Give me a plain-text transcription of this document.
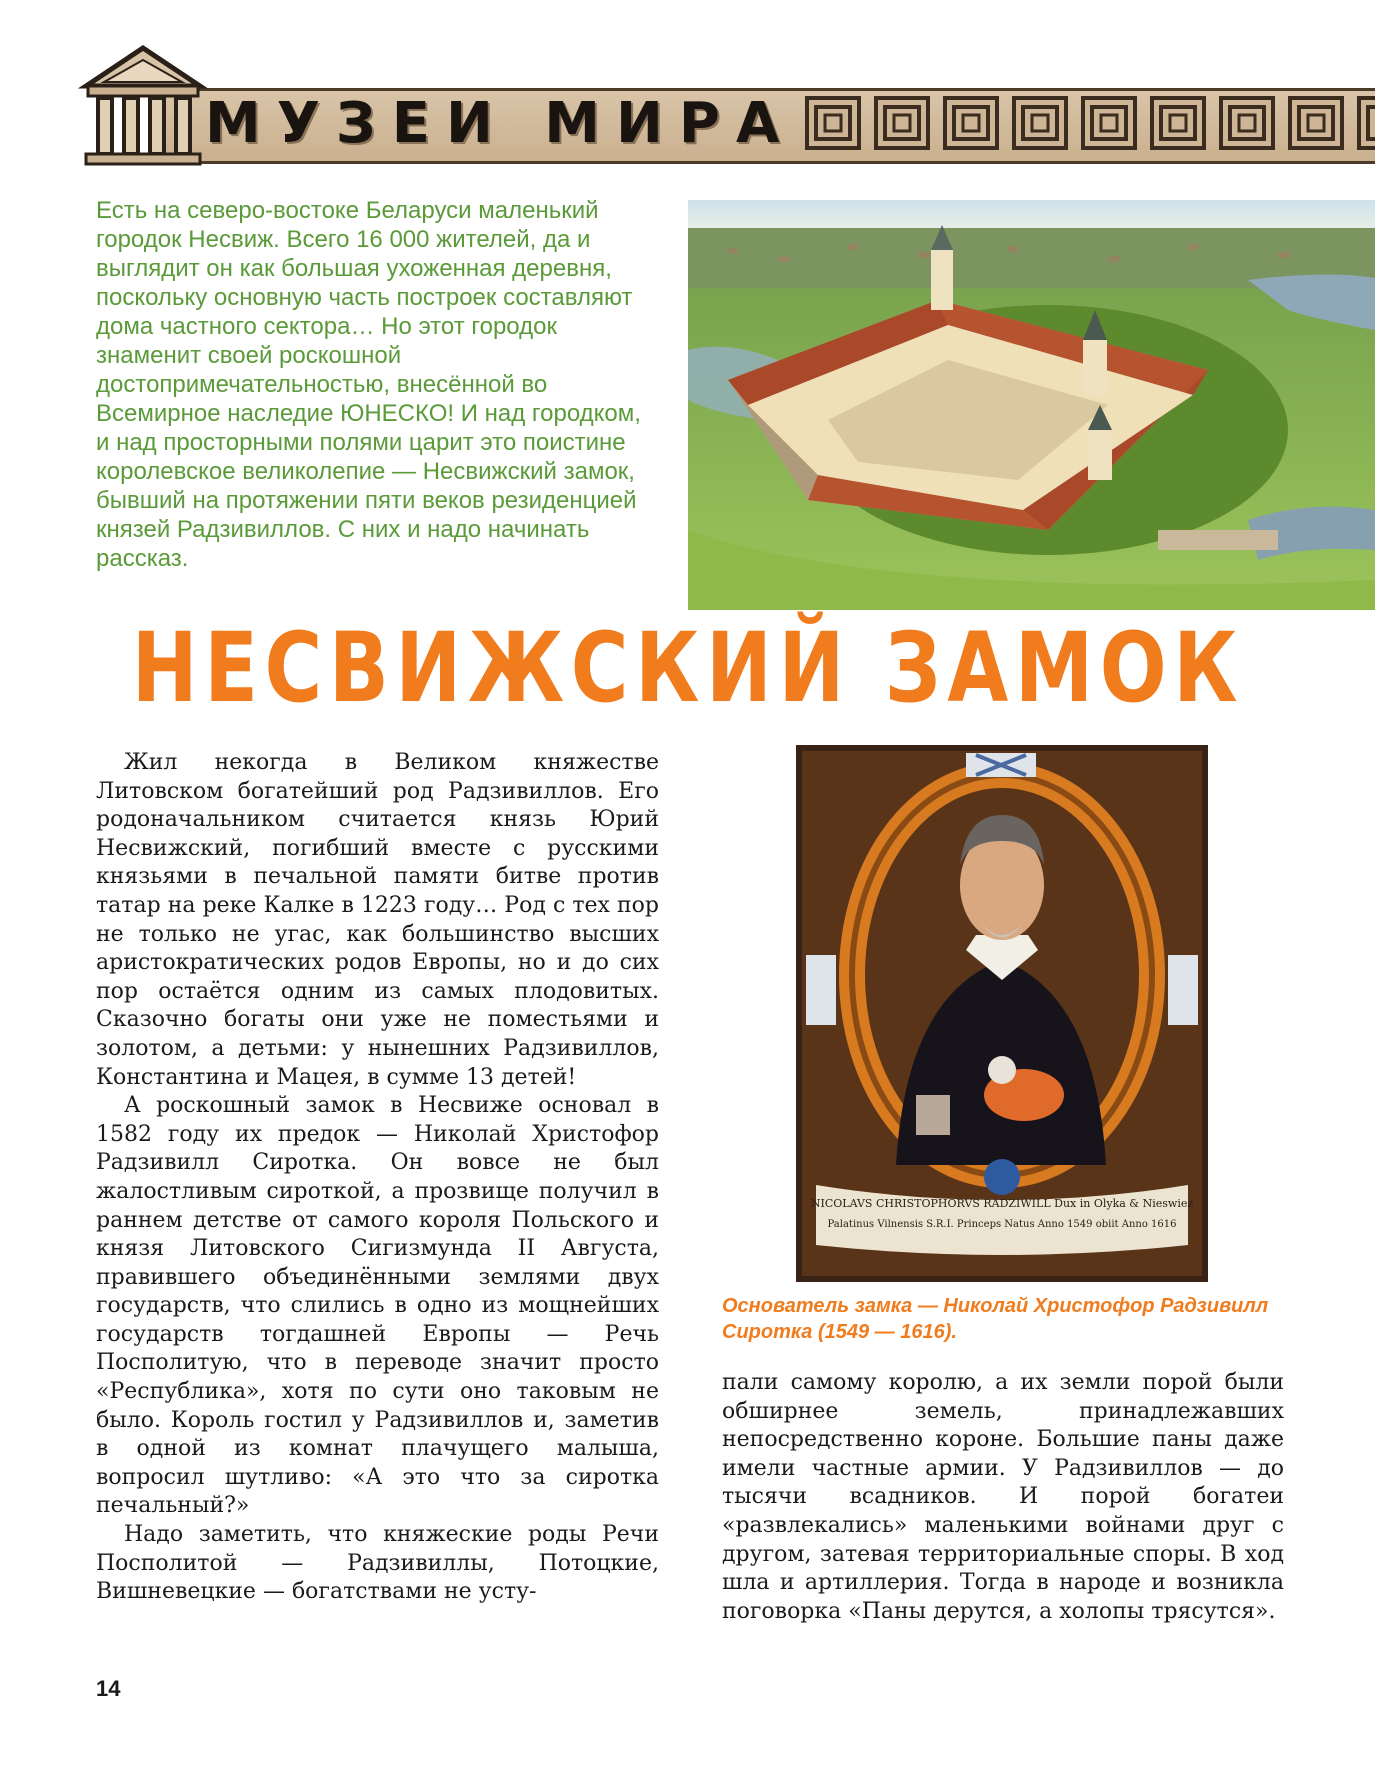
МУЗЕИ МИРА
Есть на северо-востоке Беларуси маленький городок Несвиж. Всего 16 000 жителей, да и выглядит он как большая ухоженная деревня, поскольку основную часть построек составляют дома частного сектора… Но этот городок знаменит своей роскошной достопримечательностью, внесённой во Всемирное наследие ЮНЕСКО! И над городком, и над просторными полями царит это поистине королевское великолепие — Несвижский замок, бывший на протяжении пяти веков резиденцией князей Радзивиллов. С них и надо начинать рассказ.
НЕСВИЖСКИЙ ЗАМОК

Жил некогда в Великом княжестве Литовском богатейший род Радзивиллов. Его родоначальником считается князь Юрий Несвижский, погибший вместе с русскими князьями в печальной памяти битве против татар на реке Калке в 1223 году… Род с тех пор не только не угас, как большинство высших аристократических родов Европы, но и до сих пор остаётся одним из самых плодовитых. Сказочно богаты они уже не поместьями и золотом, а детьми: у нынешних Радзивиллов, Константина и Мацея, в сумме 13 детей!

А роскошный замок в Несвиже основал в 1582 году их предок — Николай Христофор Радзивилл Сиротка. Он вовсе не был жалостливым сироткой, а прозвище получил в раннем детстве от самого короля Польского и князя Литовского Сигизмунда II Августа, правившего объединёнными землями двух государств, что слились в одно из мощнейших государств тогдашней Европы — Речь Посполитую, что в переводе значит просто «Республика», хотя по сути оно таковым не было. Король гостил у Радзивиллов и, заметив в одной из комнат плачущего малыша, вопросил шутливо: «А это что за сиротка печальный?»

Надо заметить, что княжеские роды Речи Посполитой — Радзивиллы, Потоцкие, Вишневецкие — богатствами не усту-

NICOLAVS CHRISTOPHORVS RADZIWILL Dux in Olyka & Nieswiez
Palatinus Vilnensis S.R.I. Princeps Natus Anno 1549 obiit Anno 1616
Основатель замка — Николай Христофор Радзивилл Сиротка (1549 — 1616).

пали самому королю, а их земли порой были обширнее земель, принадлежавших непосредственно короне. Большие паны даже имели частные армии. У Радзивиллов — до тысячи всадников. И порой богатеи «развлекались» маленькими войнами друг с другом, затевая территориальные споры. В ход шла и артиллерия. Тогда в народе и возникла поговорка «Паны дерутся, а холопы трясутся».

14
